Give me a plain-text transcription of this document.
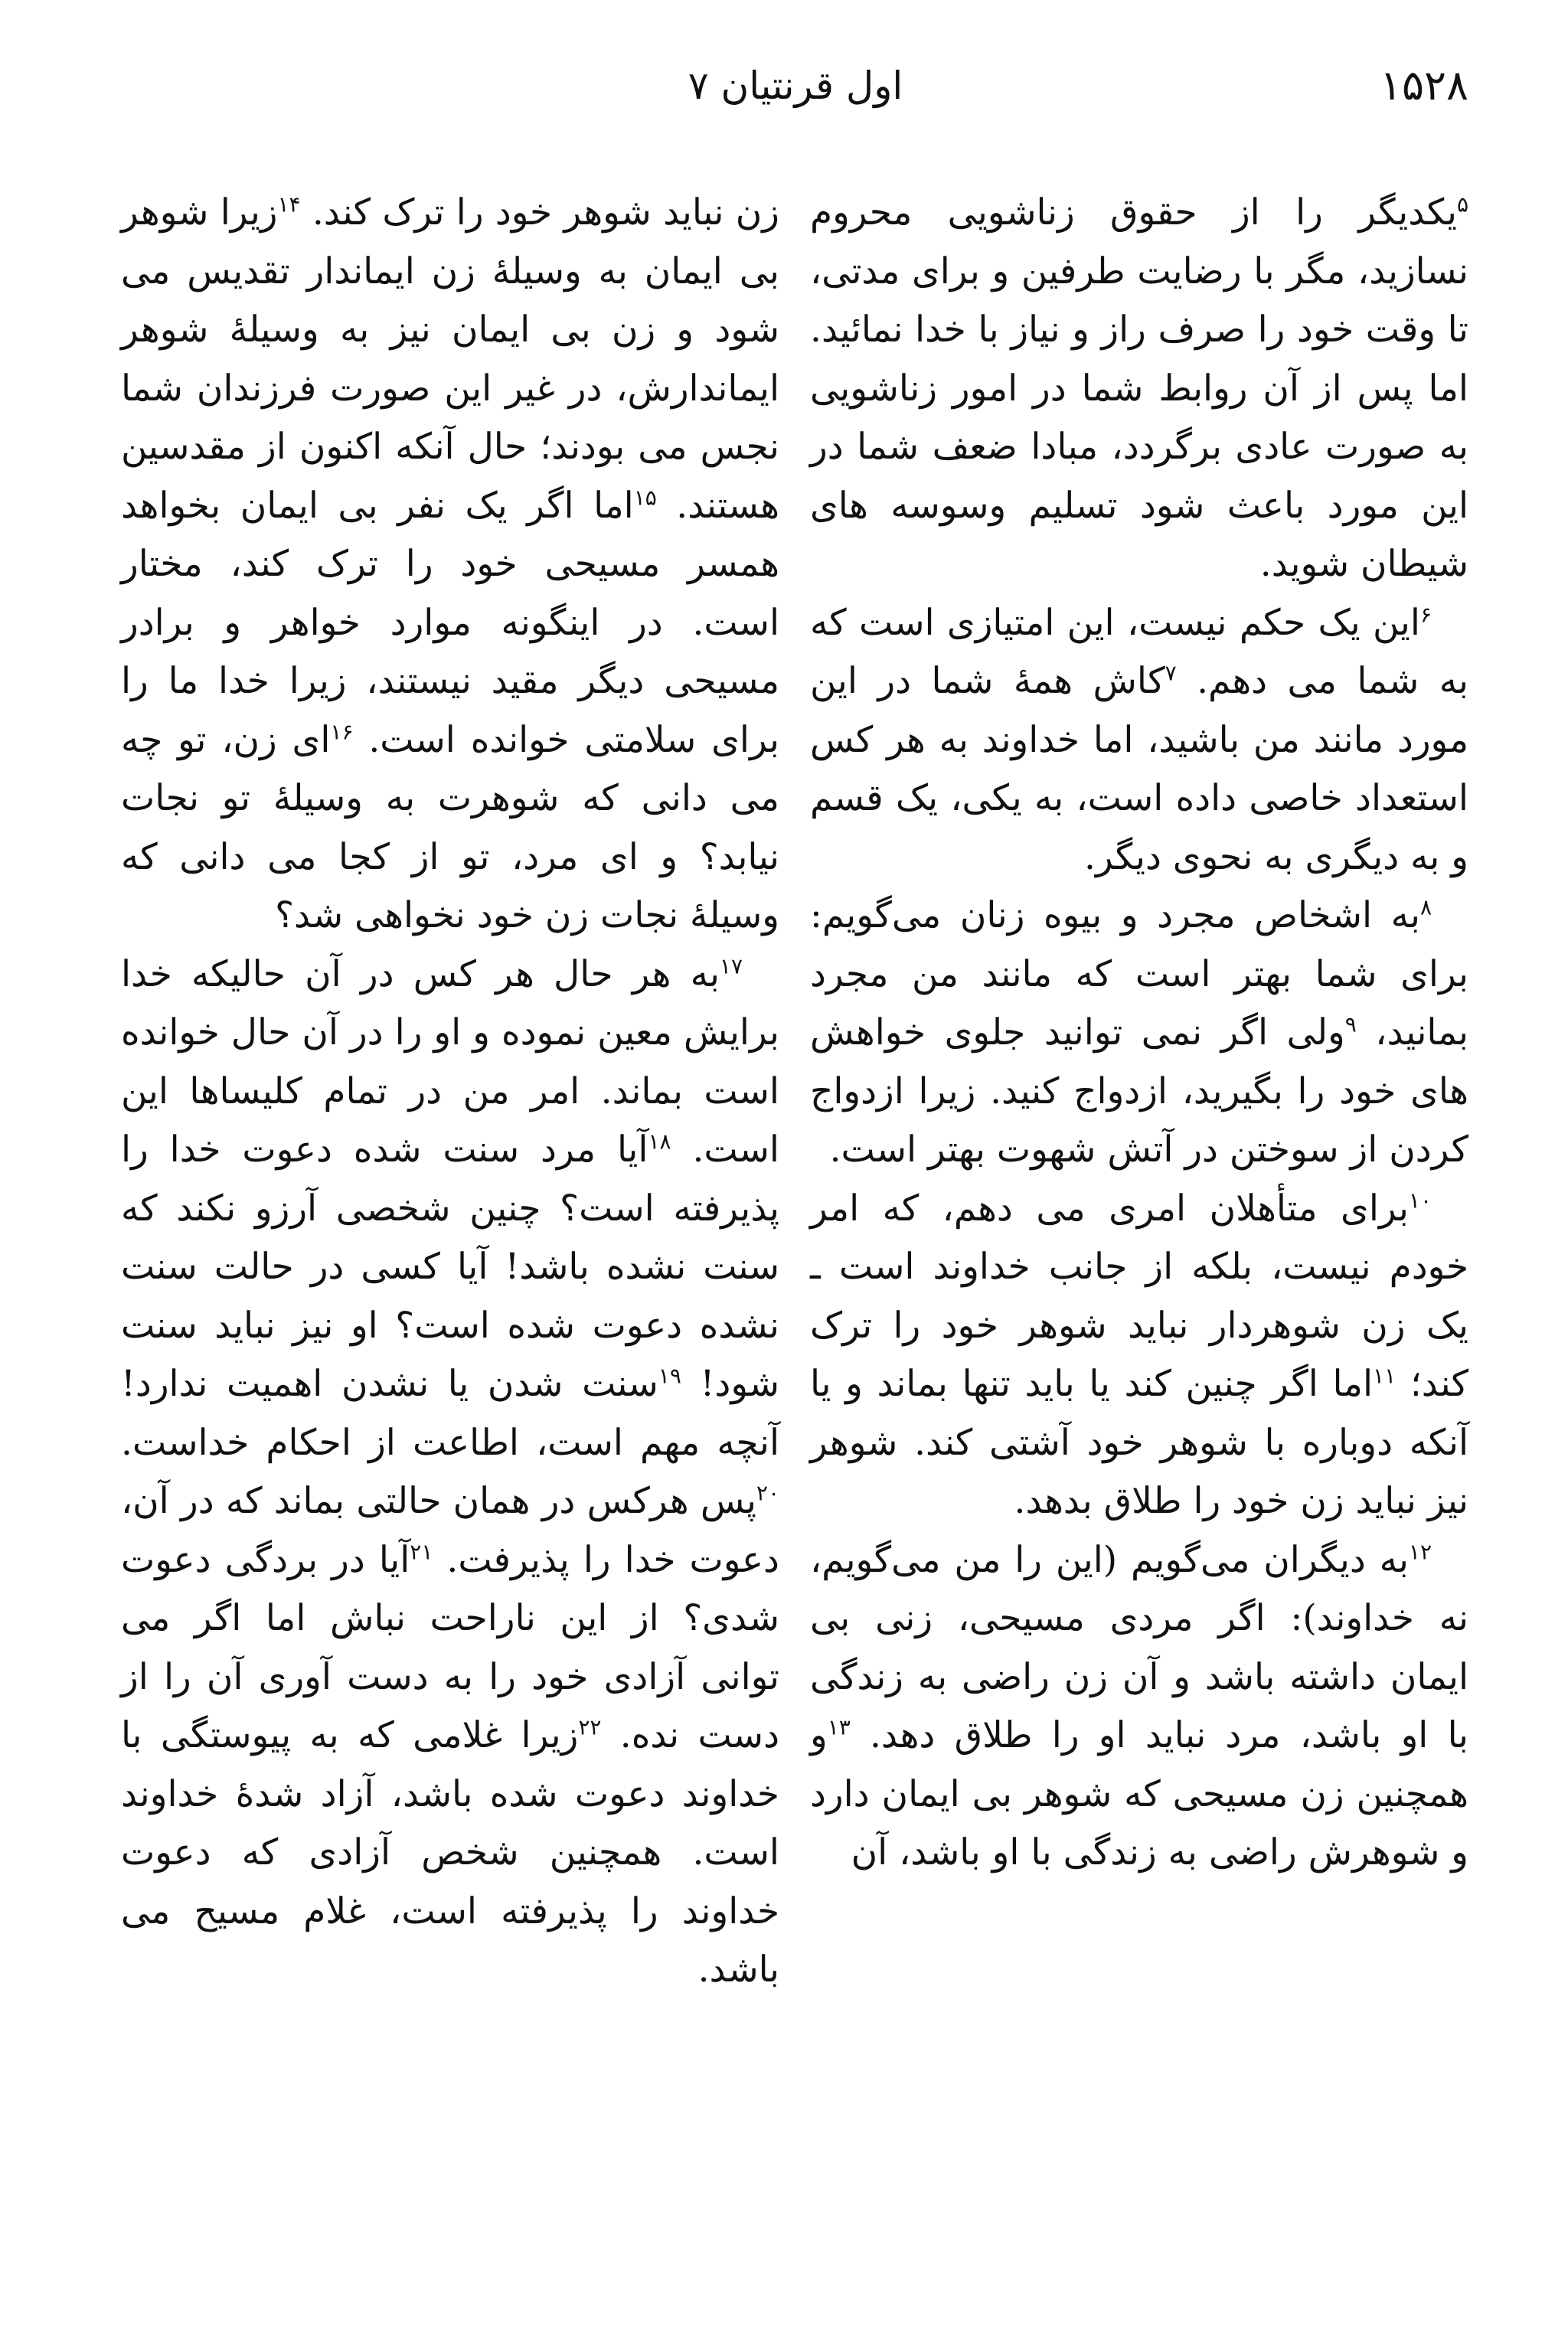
۱۵۲۸
اول قرنتیان ۷

$^۵$یکدیگر را از حقوق زناشویی محروم نسازید، مگر با رضایت طرفین و برای مدتی، تا وقت خود را صرف راز و نیاز با خدا نمائید. اما پس از آن روابط شما در امور زناشویی به صورت عادی برگردد، مبادا ضعف شما در این مورد باعث شود تسلیم وسوسه های شیطان شوید.

$^۶$این یک حکم نیست، این امتیازی است که به شما می دهم. $^۷$کاش همهٔ شما در این مورد مانند من باشید، اما خداوند به هر کس استعداد خاصی داده است، به یکی، یک قسم و به دیگری به نحوی دیگر.

$^۸$به اشخاص مجرد و بیوه زنان می‌گویم: برای شما بهتر است که مانند من مجرد بمانید، $^۹$ولی اگر نمی توانید جلوی خواهش های خود را بگیرید، ازدواج کنید. زیرا ازدواج کردن از سوختن در آتش شهوت بهتر است.

$^{۱۰}$برای متأهلان امری می دهم، که امر خودم نیست، بلکه از جانب خداوند است ـ یک زن شوهردار نباید شوهر خود را ترک کند؛ $^{۱۱}$اما اگر چنین کند یا باید تنها بماند و یا آنکه دوباره با شوهر خود آشتی کند. شوهر نیز نباید زن خود را طلاق بدهد.

$^{۱۲}$به دیگران می‌گویم (این را من می‌گویم، نه خداوند): اگر مردی مسیحی، زنی بی ایمان داشته باشد و آن زن راضی به زندگی با او باشد، مرد نباید او را طلاق دهد. $^{۱۳}$و همچنین زن مسیحی که شوهر بی ایمان دارد و شوهرش راضی به زندگی با او باشد، آن

زن نباید شوهر خود را ترک کند. $^{۱۴}$زیرا شوهر بی ایمان به وسیلهٔ زن ایماندار تقدیس می شود و زن بی ایمان نیز به وسیلهٔ شوهر ایماندارش، در غیر این صورت فرزندان شما نجس می بودند؛ حال آنکه اکنون از مقدسین هستند. $^{۱۵}$اما اگر یک نفر بی ایمان بخواهد همسر مسیحی خود را ترک کند، مختار است. در اینگونه موارد خواهر و برادر مسیحی دیگر مقید نیستند، زیرا خدا ما را برای سلامتی خوانده است. $^{۱۶}$ای زن، تو چه می دانی که شوهرت به وسیلهٔ تو نجات نیابد؟ و ای مرد، تو از کجا می دانی که وسیلهٔ نجات زن خود نخواهی شد؟

$^{۱۷}$به هر حال هر کس در آن حالیکه خدا برایش معین نموده و او را در آن حال خوانده است بماند. امر من در تمام کلیساها این است. $^{۱۸}$آیا مرد سنت شده دعوت خدا را پذیرفته است؟ چنین شخصی آرزو نکند که سنت نشده باشد! آیا کسی در حالت سنت نشده دعوت شده است؟ او نیز نباید سنت شود! $^{۱۹}$سنت شدن یا نشدن اهمیت ندارد! آنچه مهم است، اطاعت از احکام خداست. $^{۲۰}$پس هرکس در همان حالتی بماند که در آن، دعوت خدا را پذیرفت. $^{۲۱}$آیا در بردگی دعوت شدی؟ از این ناراحت نباش اما اگر می توانی آزادی خود را به دست آوری آن را از دست نده. $^{۲۲}$زیرا غلامی که به پیوستگی با خداوند دعوت شده باشد، آزاد شدهٔ خداوند است. همچنین شخص آزادی که دعوت خداوند را پذیرفته است، غلام مسیح می باشد.
